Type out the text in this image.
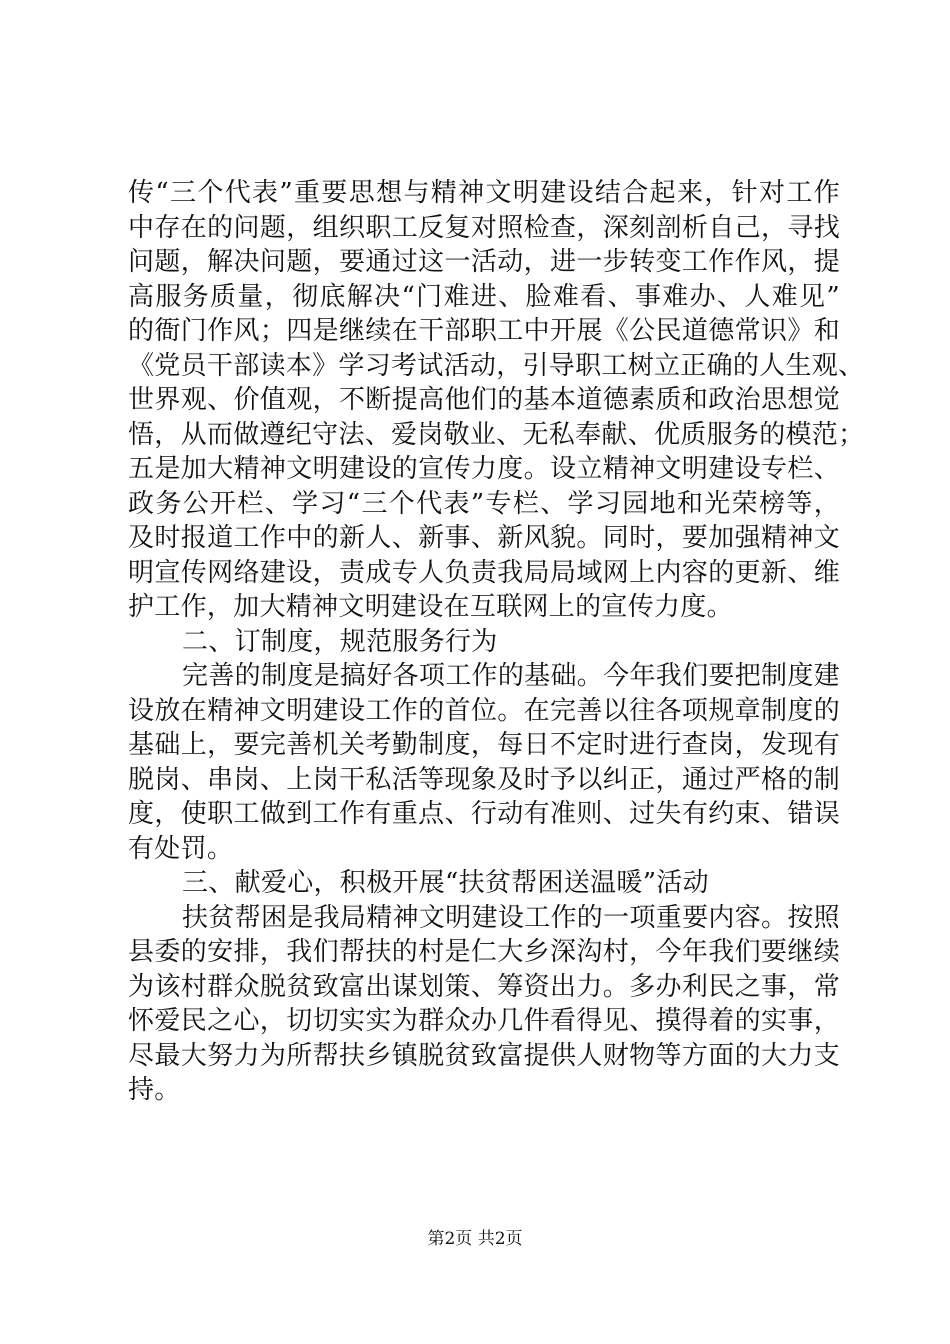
传“三个代表”重要思想与精神文明建设结合起来，针对工作
中存在的问题，组织职工反复对照检查，深刻剖析自己，寻找
问题，解决问题，要通过这一活动，进一步转变工作作风，提
高服务质量，彻底解决“门难进、脸难看、事难办、人难见”
的衙门作风；四是继续在干部职工中开展《公民道德常识》和
《党员干部读本》学习考试活动，引导职工树立正确的人生观、
世界观、价值观，不断提高他们的基本道德素质和政治思想觉
悟，从而做遵纪守法、爱岗敬业、无私奉献、优质服务的模范；
五是加大精神文明建设的宣传力度。设立精神文明建设专栏、
政务公开栏、学习“三个代表”专栏、学习园地和光荣榜等，
及时报道工作中的新人、新事、新风貌。同时，要加强精神文
明宣传网络建设，责成专人负责我局局域网上内容的更新、维
护工作，加大精神文明建设在互联网上的宣传力度。
二、订制度，规范服务行为
完善的制度是搞好各项工作的基础。今年我们要把制度建
设放在精神文明建设工作的首位。在完善以往各项规章制度的
基础上，要完善机关考勤制度，每日不定时进行查岗，发现有
脱岗、串岗、上岗干私活等现象及时予以纠正，通过严格的制
度，使职工做到工作有重点、行动有准则、过失有约束、错误
有处罚。
三、献爱心，积极开展“扶贫帮困送温暖”活动
扶贫帮困是我局精神文明建设工作的一项重要内容。按照
县委的安排，我们帮扶的村是仁大乡深沟村，今年我们要继续
为该村群众脱贫致富出谋划策、筹资出力。多办利民之事，常
怀爱民之心，切切实实为群众办几件看得见、摸得着的实事，
尽最大努力为所帮扶乡镇脱贫致富提供人财物等方面的大力支
持。
第2页 共2页
